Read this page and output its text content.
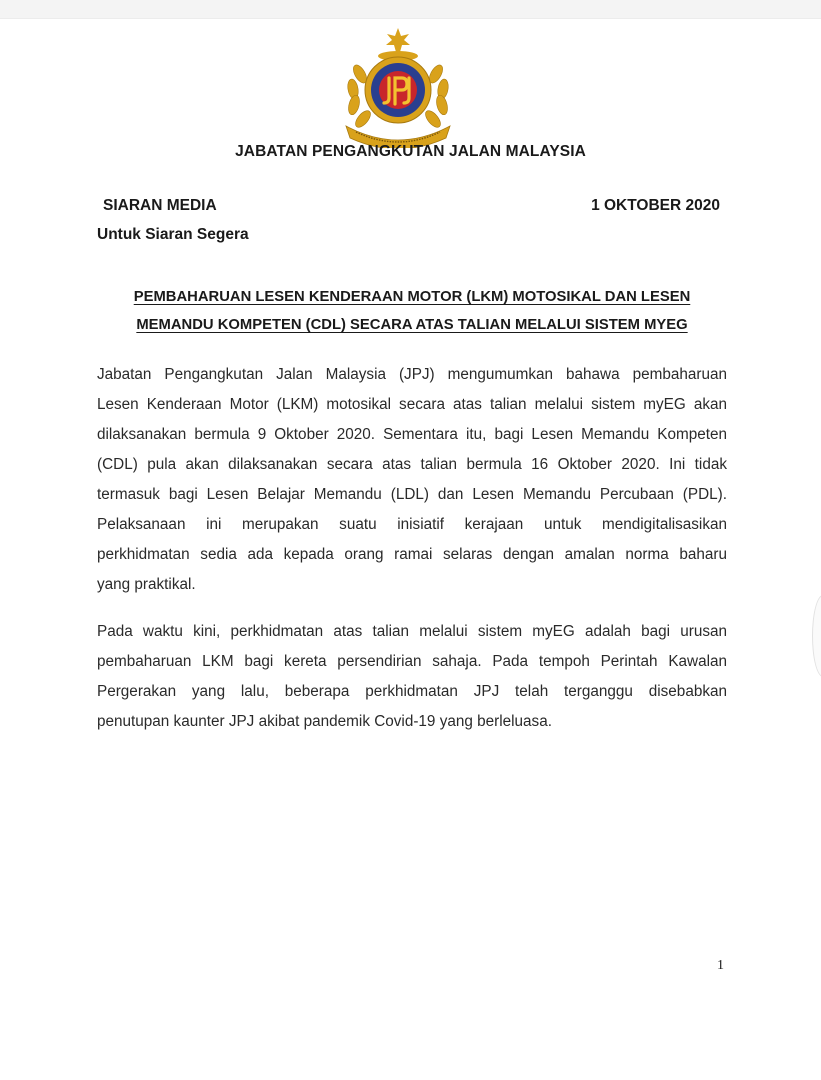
JABATAN PENGANGKUTAN JALAN MALAYSIA
SIARAN MEDIA	1 OKTOBER 2020
Untuk Siaran Segera
PEMBAHARUAN LESEN KENDERAAN MOTOR (LKM) MOTOSIKAL DAN LESEN
MEMANDU KOMPETEN (CDL) SECARA ATAS TALIAN MELALUI SISTEM MYEG
Jabatan Pengangkutan Jalan Malaysia (JPJ) mengumumkan bahawa pembaharuan
Lesen Kenderaan Motor (LKM) motosikal secara atas talian melalui sistem myEG akan
dilaksanakan bermula 9 Oktober 2020. Sementara itu, bagi Lesen Memandu Kompeten
(CDL) pula akan dilaksanakan secara atas talian bermula 16 Oktober 2020. Ini tidak
termasuk bagi Lesen Belajar Memandu (LDL) dan Lesen Memandu Percubaan (PDL).
Pelaksanaan ini merupakan suatu inisiatif kerajaan untuk mendigitalisasikan
perkhidmatan sedia ada kepada orang ramai selaras dengan amalan norma baharu
yang praktikal.
Pada waktu kini, perkhidmatan atas talian melalui sistem myEG adalah bagi urusan
pembaharuan LKM bagi kereta persendirian sahaja. Pada tempoh Perintah Kawalan
Pergerakan yang lalu, beberapa perkhidmatan JPJ telah terganggu disebabkan
penutupan kaunter JPJ akibat pandemik Covid-19 yang berleluasa.
1
